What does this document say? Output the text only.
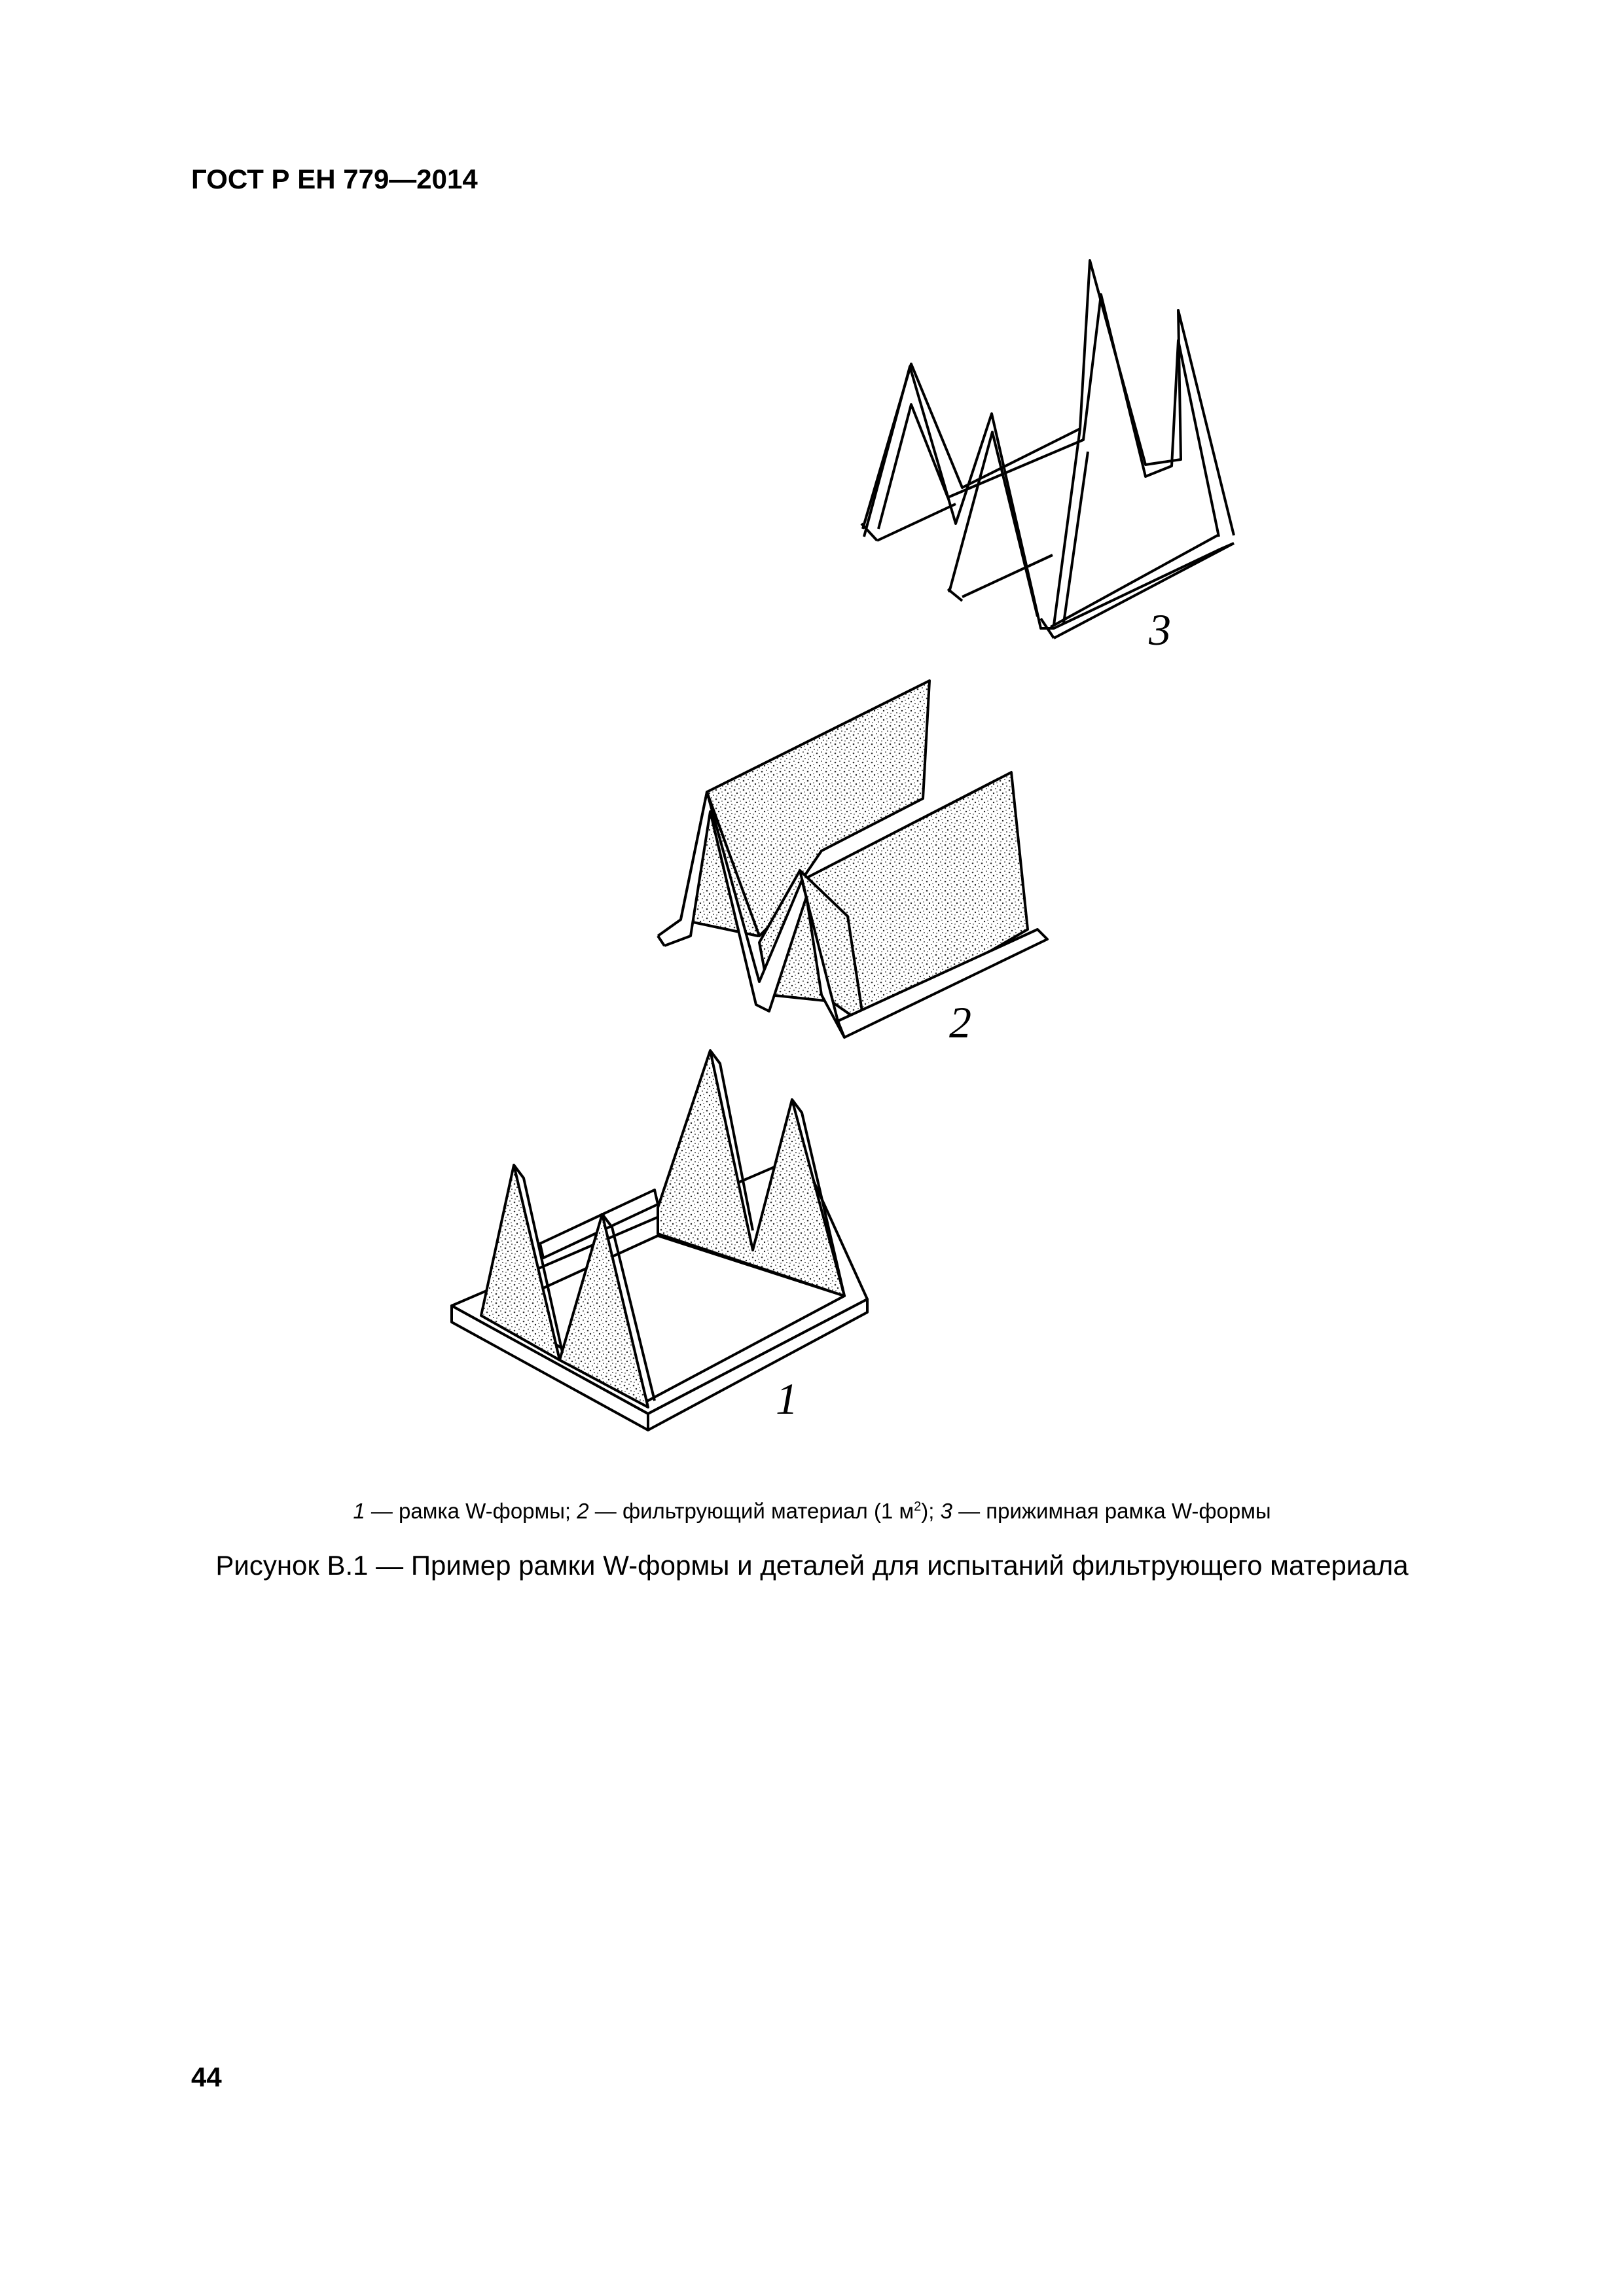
ГОСТ Р ЕН 779—2014
3
2
1
1 — рамка W-формы; 2 — фильтрующий материал (1 $м^2$); 3 — прижимная рамка W-формы
Рисунок В.1 — Пример рамки W-формы и деталей для испытаний фильтрующего материала
44
